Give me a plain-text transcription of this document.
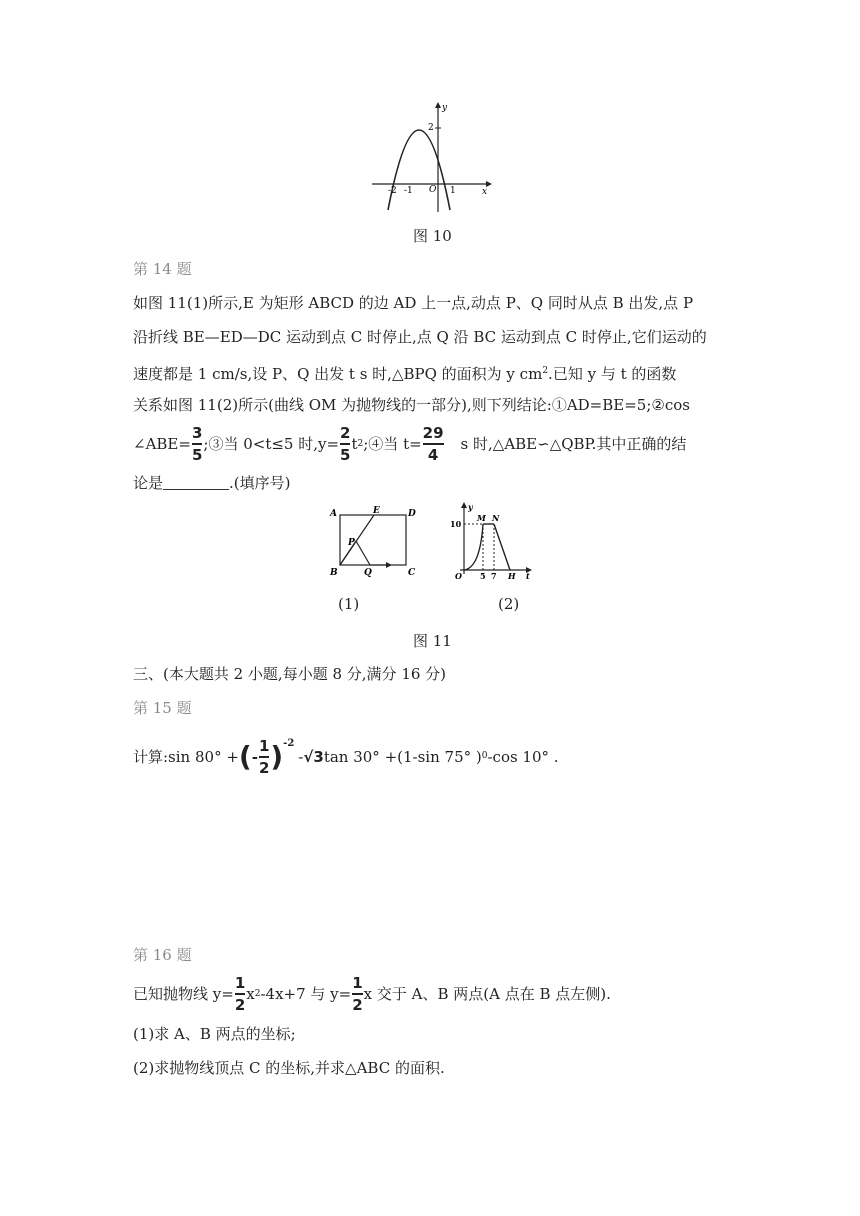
y
2
-2 -1 O 1	x
图 10
第 14 题
如图 11(1)所示,E 为矩形 ABCD 的边 AD 上一点,动点 P、Q 同时从点 B 出发,点 P
沿折线 BE—ED—DC 运动到点 C 时停止,点 Q 沿 BC 运动到点 C 时停止,它们运动的
速度都是 1 cm/s,设 P、Q 出发 t s 时,△BPQ 的面积为 y $cm^2$.已知 y 与 t 的函数
关系如图 11(2)所示(曲线 OM 为抛物线的一部分),则下列结论:①AD=BE=5;②cos
∠ABE= $\frac{3}{5}$ ;③当 0<t≤5 时$,y= \frac{2}{5}$ t 2 ;④当 $t= \frac{29}{4}$ s 时,△ABE∽△QBP.其中正确的结
论是	.(填序号)
A	E	D
P
B	Q	C
y
10
M N
O 5 7 H t
(1)	(2)
图 11
三、(本大题共 2 小题,每小题 8 分,满分 16 分)
第 15 题
计算:sin 80° + ( - $\frac{1}{2}$ ) -2
- √3 tan 30° +(1-sin 75° ) 0 -cos 10° .
第 16 题
已知抛物线 $y= \frac{1}{2}$ x 2 -4x+7 与 $y= \frac{1}{2}$ x 交于 A、B 两点(A 点在 B 点左侧).
(1)求 A、B 两点的坐标;
(2)求抛物线顶点 C 的坐标,并求△ABC 的面积.
